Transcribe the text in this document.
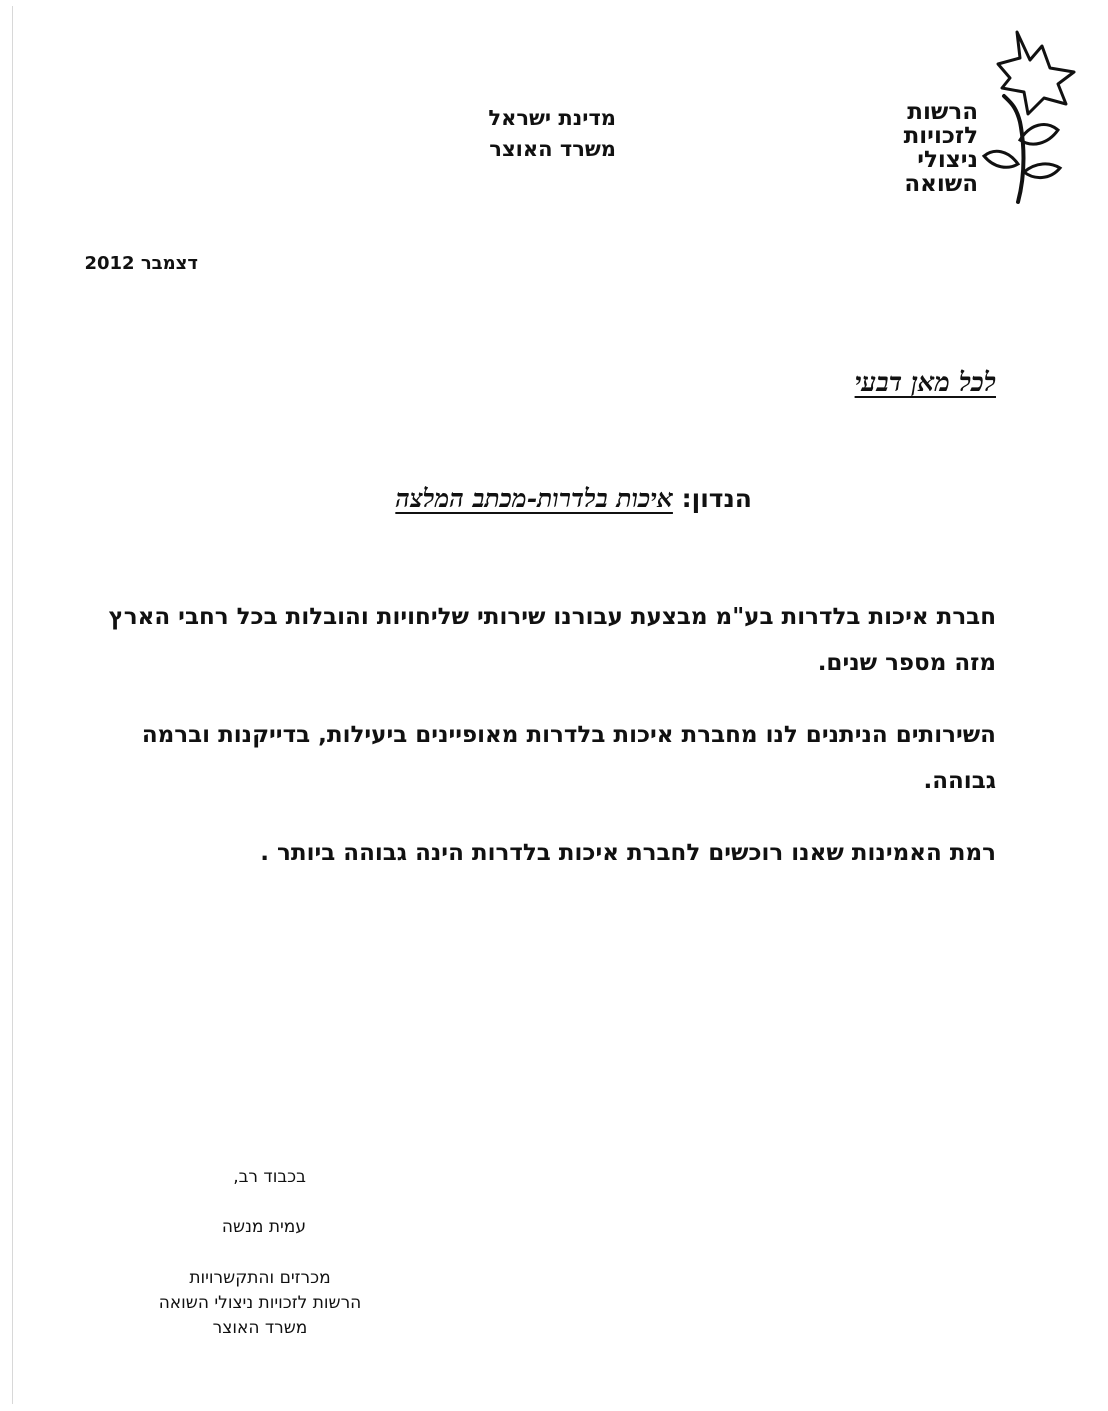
הרשות
לזכויות
ניצולי
השואה
מדינת ישראל
משרד האוצר
דצמבר 2012
לכל מאן דבעי
הנדון: איכות בלדרות-מכתב המלצה

חברת איכות בלדרות בע"מ מבצעת עבורנו שירותי שליחויות והובלות בכל רחבי הארץ מזה מספר שנים.

השירותים הניתנים לנו מחברת איכות בלדרות מאופיינים ביעילות, בדייקנות וברמה גבוהה.

רמת האמינות שאנו רוכשים לחברת איכות בלדרות הינה גבוהה ביותר .

בכבוד רב,

עמית מנשה

מכרזים והתקשרויות
הרשות לזכויות ניצולי השואה
משרד האוצר
